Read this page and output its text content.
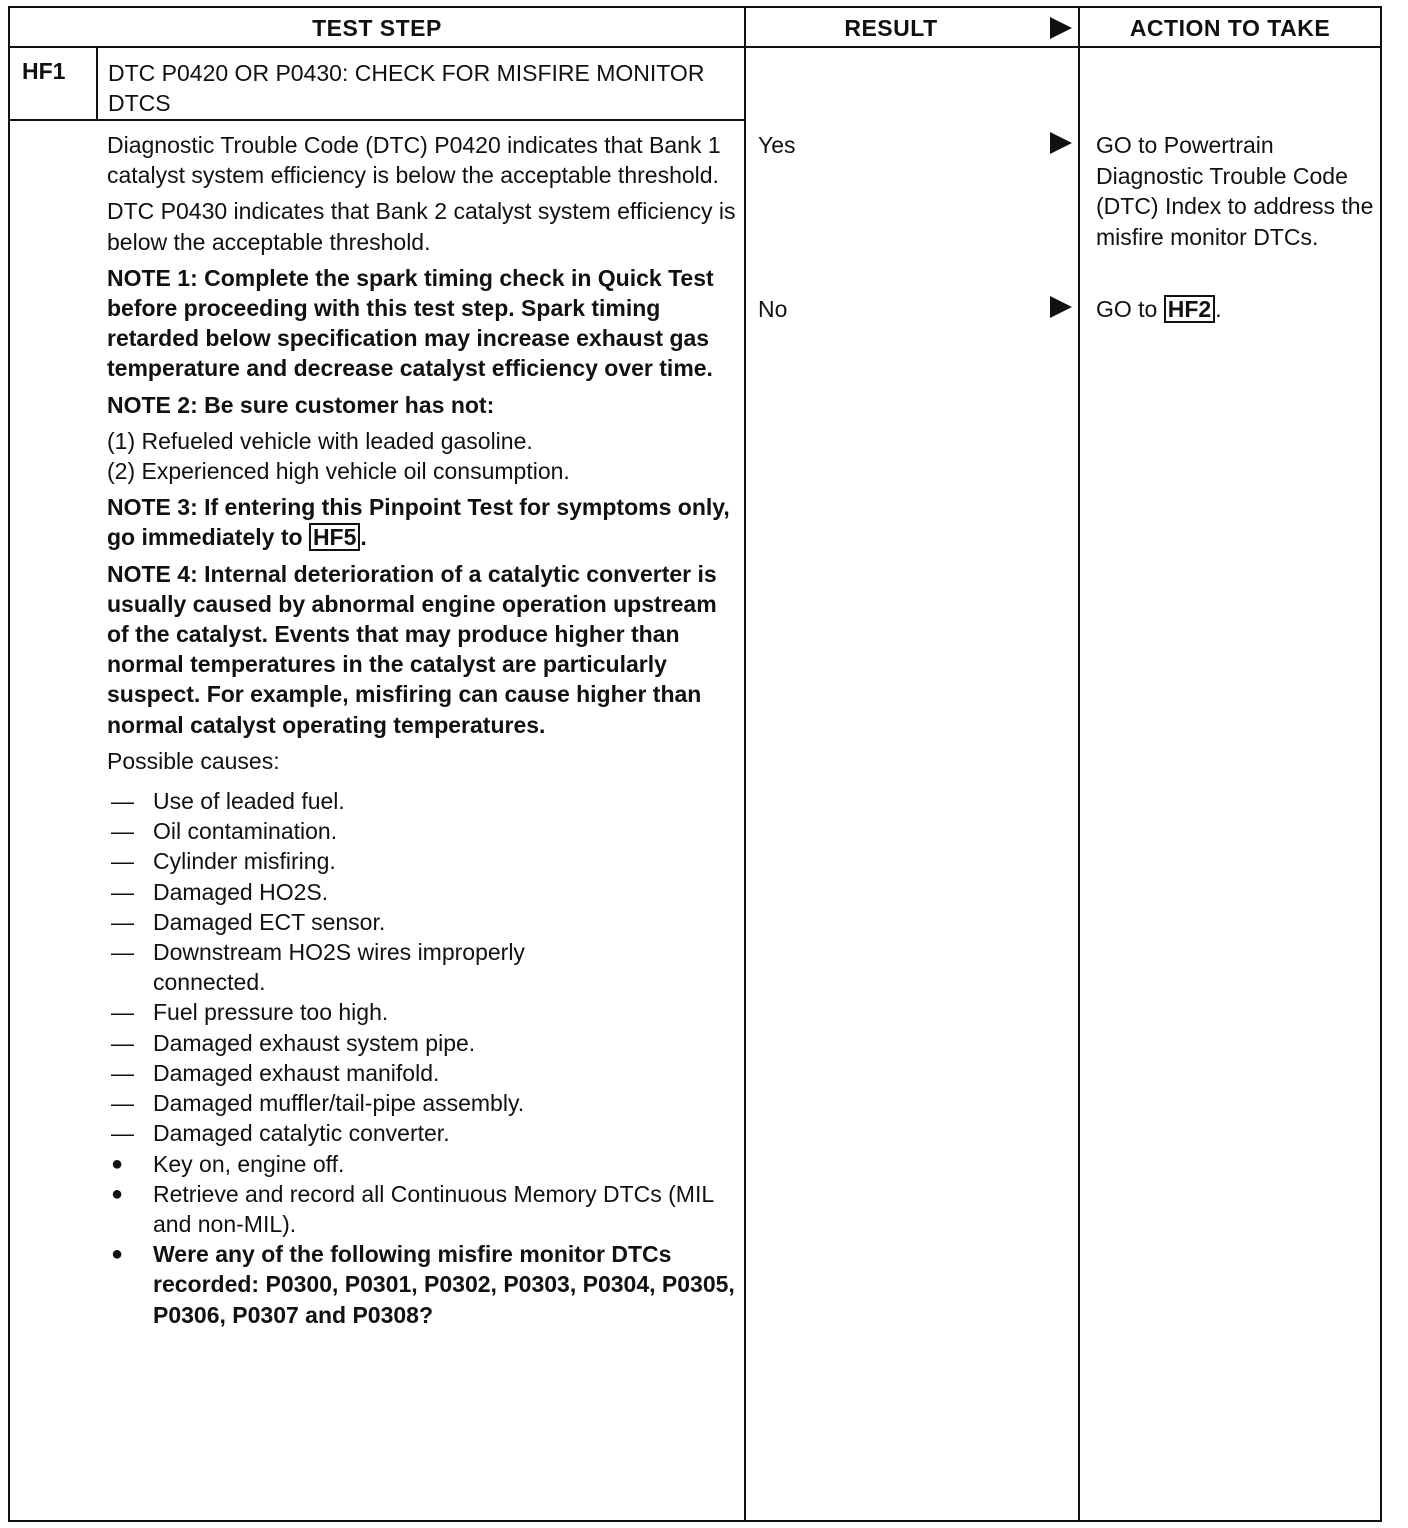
TEST STEP	RESULT	ACTION TO TAKE
HF1 DTC P0420 OR P0430: CHECK FOR MISFIRE MONITOR DTCS

Diagnostic Trouble Code (DTC) P0420 indicates that Bank 1 catalyst system efficiency is below the acceptable threshold.

DTC P0430 indicates that Bank 2 catalyst system efficiency is below the acceptable threshold.

NOTE 1: Complete the spark timing check in Quick Test before proceeding with this test step. Spark timing retarded below specification may increase exhaust gas temperature and decrease catalyst efficiency over time.

NOTE 2: Be sure customer has not:

(1) Refueled vehicle with leaded gasoline.
(2) Experienced high vehicle oil consumption.

NOTE 3: If entering this Pinpoint Test for symptoms only, go immediately to HF5 .

NOTE 4: Internal deterioration of a catalytic converter is usually caused by abnormal engine operation upstream of the catalyst. Events that may produce higher than normal temperatures in the catalyst are particularly suspect. For example, misfiring can cause higher than normal catalyst operating temperatures.

Possible causes:

— Use of leaded fuel.
— Oil contamination.
— Cylinder misfiring.
— Damaged HO2S.
— Damaged ECT sensor.
— Downstream HO2S wires improperly connected.
— Fuel pressure too high.
— Damaged exhaust system pipe.
— Damaged exhaust manifold.
— Damaged muffler/tail-pipe assembly.
— Damaged catalytic converter.
● Key on, engine off.
● Retrieve and record all Continuous Memory DTCs (MIL and non-MIL).
● Were any of the following misfire monitor DTCs recorded: P0300, P0301, P0302, P0303, P0304, P0305, P0306, P0307 and P0308?
Yes	GO to Powertrain Diagnostic Trouble Code (DTC) Index to address the misfire monitor DTCs.
No	GO to HF2 .
